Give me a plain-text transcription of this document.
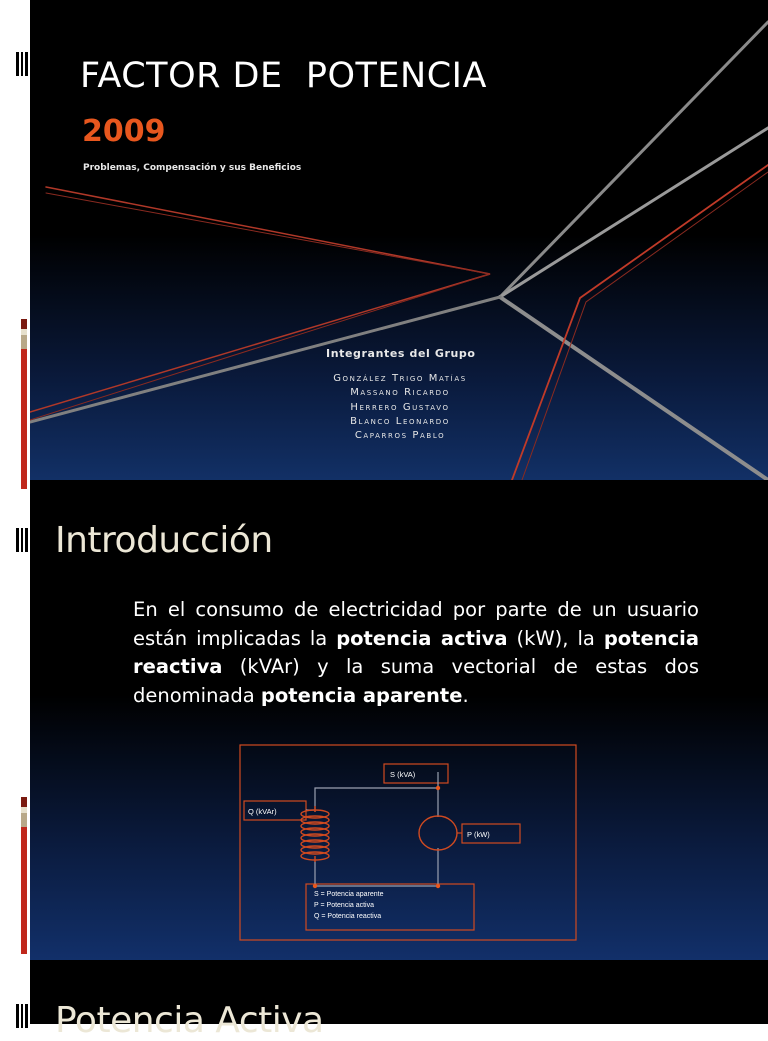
FACTOR DE  POTENCIA
2009
Problemas, Compensación y sus Beneficios
Integrantes del Grupo
González Trigo Matías
Massano Ricardo
Herrero Gustavo
Blanco Leonardo
Caparros Pablo
Introducción

En el consumo de electricidad por parte de un usuario están implicadas la potencia activa (kW), la potencia reactiva (kVAr) y la suma vectorial de estas dos denominada potencia aparente.

S (kVA)
Q (kVAr)
P (kW)
S = Potencia aparente
P = Potencia activa
Q = Potencia reactiva
Potencia Activa
